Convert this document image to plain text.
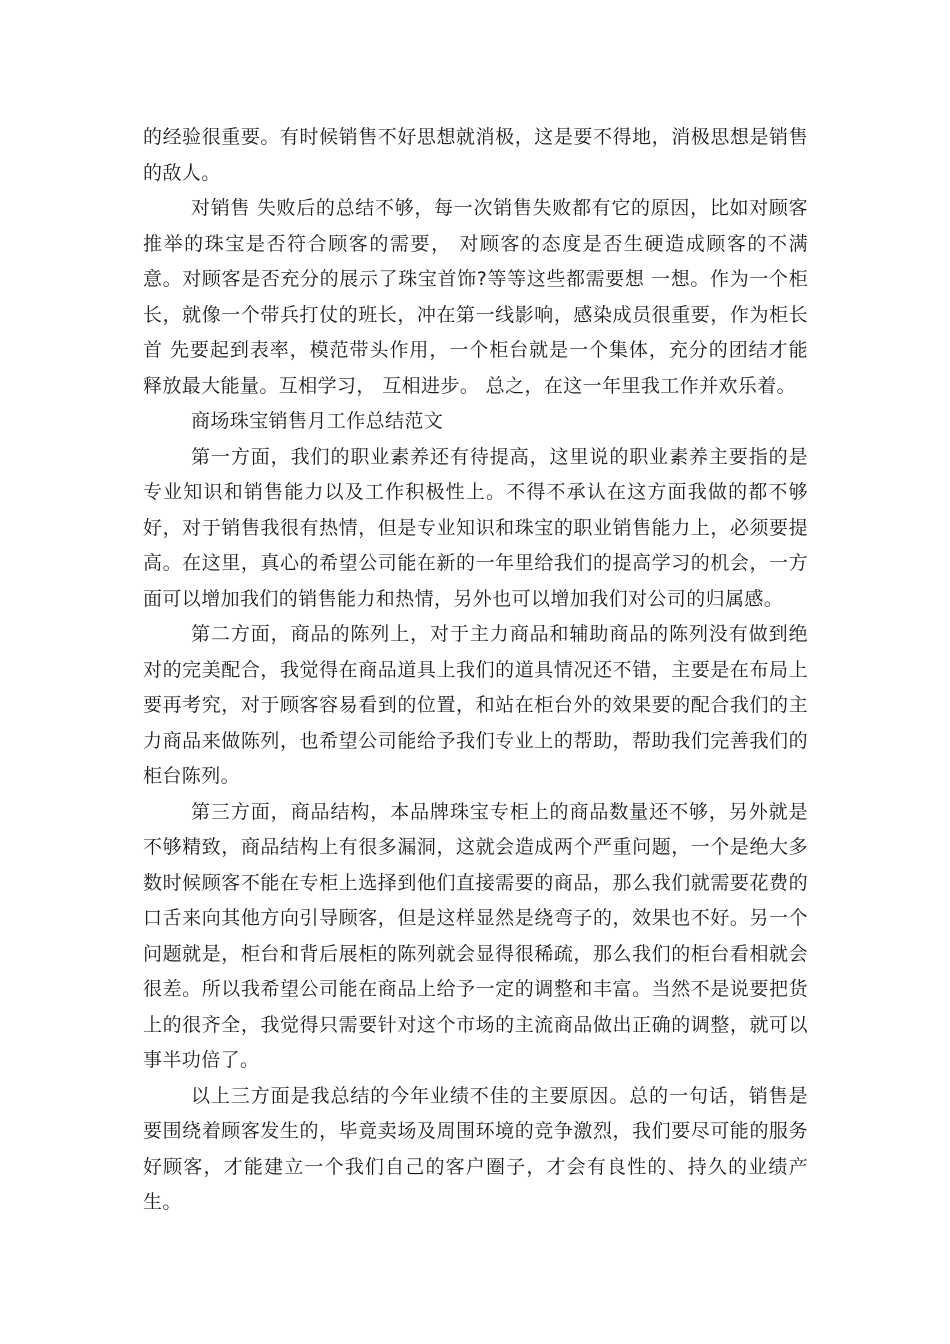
的经验很重要。有时候销售不好思想就消极，这是要不得地，消极思想是销售的敌人。

对销售 失败后的总结不够，每一次销售失败都有它的原因，比如对顾客推举的珠宝是否符合顾客的需要， 对顾客的态度是否生硬造成顾客的不满意。对顾客是否充分的展示了珠宝首饰?等等这些都需要想 一想。作为一个柜长，就像一个带兵打仗的班长，冲在第一线影响，感染成员很重要，作为柜长首 先要起到表率，模范带头作用，一个柜台就是一个集体，充分的团结才能释放最大能量。互相学习， 互相进步。 总之，在这一年里我工作并欢乐着。

商场珠宝销售月工作总结范文

第一方面，我们的职业素养还有待提高，这里说的职业素养主要指的是专业知识和销售能力以及工作积极性上。不得不承认在这方面我做的都不够好，对于销售我很有热情，但是专业知识和珠宝的职业销售能力上，必须要提高。在这里，真心的希望公司能在新的一年里给我们的提高学习的机会，一方面可以增加我们的销售能力和热情，另外也可以增加我们对公司的归属感。

第二方面，商品的陈列上，对于主力商品和辅助商品的陈列没有做到绝对的完美配合，我觉得在商品道具上我们的道具情况还不错，主要是在布局上要再考究，对于顾客容易看到的位置，和站在柜台外的效果要的配合我们的主力商品来做陈列，也希望公司能给予我们专业上的帮助，帮助我们完善我们的柜台陈列。

第三方面，商品结构，本品牌珠宝专柜上的商品数量还不够，另外就是不够精致，商品结构上有很多漏洞，这就会造成两个严重问题，一个是绝大多数时候顾客不能在专柜上选择到他们直接需要的商品，那么我们就需要花费的口舌来向其他方向引导顾客，但是这样显然是绕弯子的，效果也不好。另一个问题就是，柜台和背后展柜的陈列就会显得很稀疏，那么我们的柜台看相就会很差。所以我希望公司能在商品上给予一定的调整和丰富。当然不是说要把货上的很齐全，我觉得只需要针对这个市场的主流商品做出正确的调整，就可以事半功倍了。

以上三方面是我总结的今年业绩不佳的主要原因。总的一句话，销售是要围绕着顾客发生的，毕竟卖场及周围环境的竞争激烈，我们要尽可能的服务好顾客，才能建立一个我们自己的客户圈子，才会有良性的、持久的业绩产生。
